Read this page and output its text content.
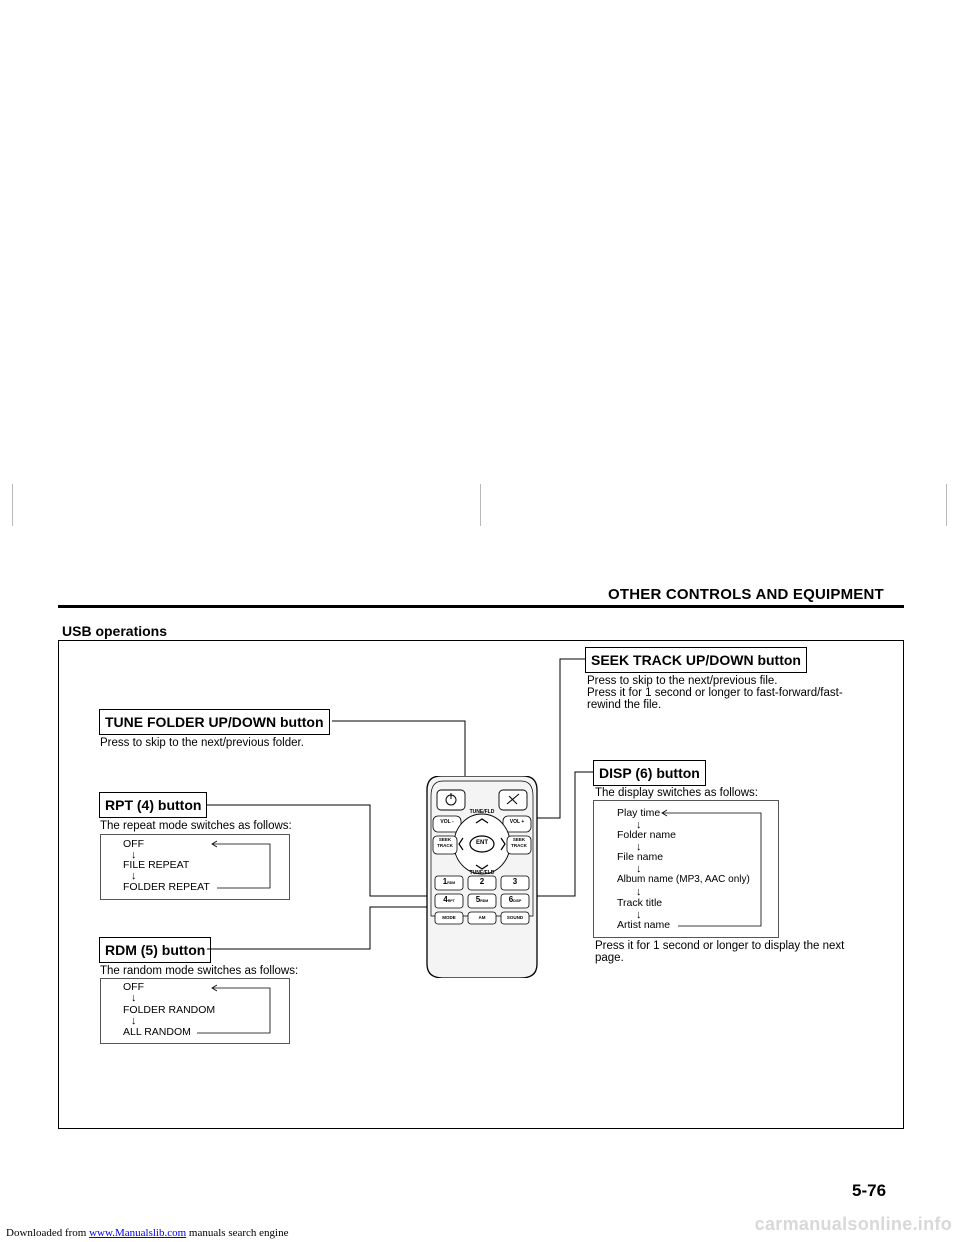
OTHER CONTROLS AND EQUIPMENT
USB operations
SEEK TRACK UP/DOWN button
Press to skip to the next/previous file.
Press it for 1 second or longer to fast-forward/fast-
rewind the file.
TUNE FOLDER UP/DOWN button
Press to skip to the next/previous folder.
DISP (6) button
The display switches as follows:
Play time
↓
Folder name
↓
File name
↓
Album name (MP3, AAC only)
↓
Track title
↓
Artist name
Press it for 1 second or longer to display the next
page.
RPT (4) button
The repeat mode switches as follows:
OFF
↓
FILE REPEAT
↓
FOLDER REPEAT
RDM (5) button
The random mode switches as follows:
OFF
↓
FOLDER RANDOM
↓
ALL RANDOM
VOL -	VOL +
TUNE/FLD
TUNE/FLD
SEEK TRACK
SEEK TRACK
ENT
1RDM	2	3
4RPT	5RDM	6DISP
MODE	AM	SOUND
5-76
Downloaded from www.Manualslib.com manuals search engine	carmanualsonline.info
